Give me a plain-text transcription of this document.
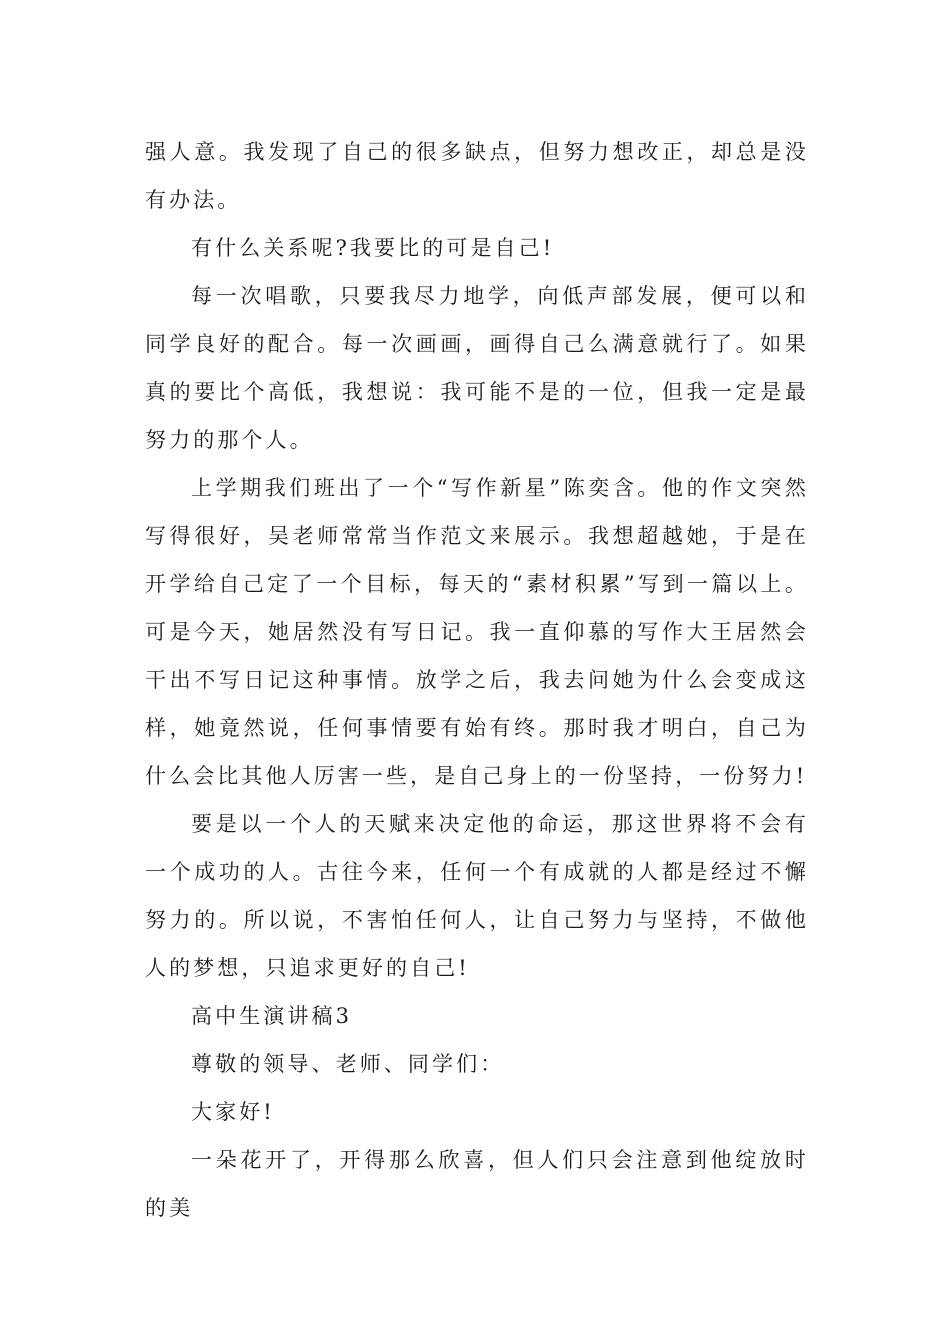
强人意。我发现了自己的很多缺点，但努力想改正，却总是没有办法。

有什么关系呢?我要比的可是自己!

每一次唱歌，只要我尽力地学，向低声部发展，便可以和同学良好的配合。每一次画画，画得自己么满意就行了。如果真的要比个高低，我想说：我可能不是的一位，但我一定是最努力的那个人。

上学期我们班出了一个“写作新星”陈奕含。他的作文突然写得很好，吴老师常常当作范文来展示。我想超越她，于是在开学给自己定了一个目标，每天的“素材积累”写到一篇以上。可是今天，她居然没有写日记。我一直仰慕的写作大王居然会干出不写日记这种事情。放学之后，我去问她为什么会变成这样，她竟然说，任何事情要有始有终。那时我才明白，自己为什么会比其他人厉害一些，是自己身上的一份坚持，一份努力!

要是以一个人的天赋来决定他的命运，那这世界将不会有一个成功的人。古往今来，任何一个有成就的人都是经过不懈努力的。所以说，不害怕任何人，让自己努力与坚持，不做他人的梦想，只追求更好的自己!

高中生演讲稿3

尊敬的领导、老师、同学们：

大家好!

一朵花开了，开得那么欣喜，但人们只会注意到他绽放时的美
